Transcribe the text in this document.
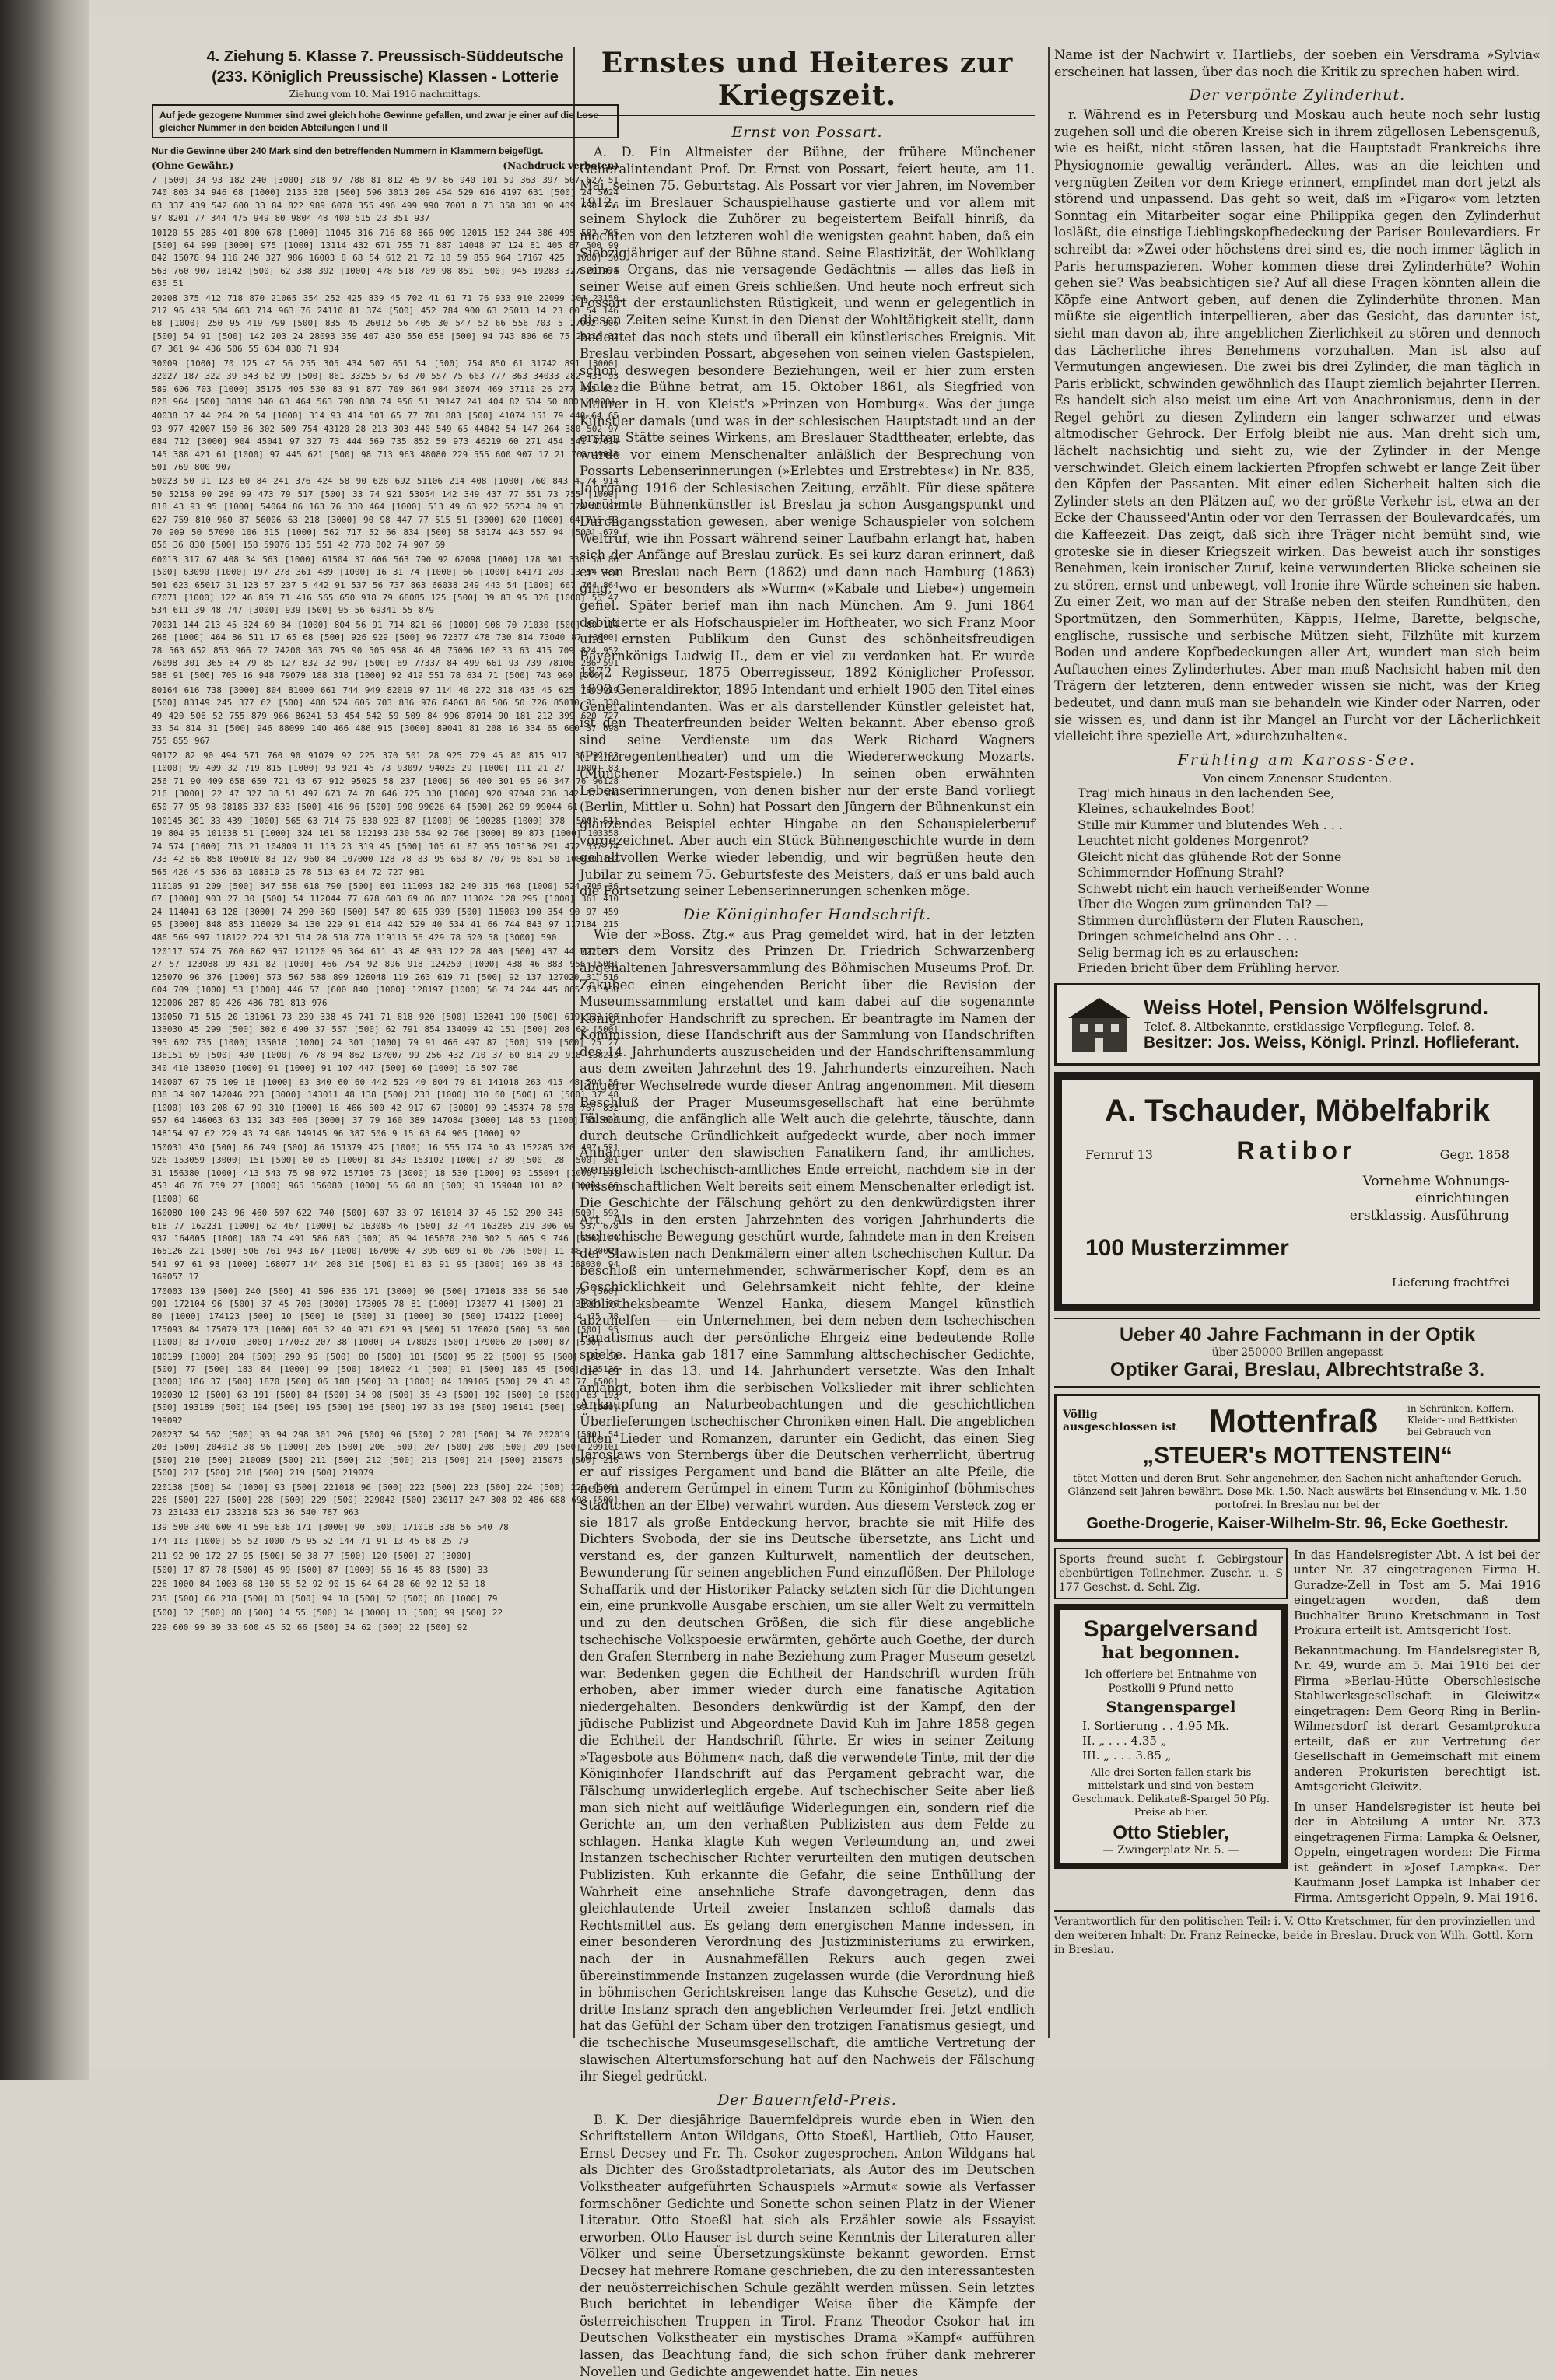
4. Ziehung 5. Klasse 7. Preussisch-Süddeutsche
(233. Königlich Preussische) Klassen - Lotterie
Ziehung vom 10. Mai 1916 nachmittags.
Auf jede gezogene Nummer sind zwei gleich hohe Gewinne gefallen, und zwar je einer auf die Lose gleicher Nummer in den beiden Abteilungen I und II
Nur die Gewinne über 240 Mark sind den betreffenden Nummern in Klammern beigefügt.
(Ohne Gewähr.)	(Nachdruck verboten)

7 [500] 34 93 182 240 [3000] 318 97 788 81 812 45 97 86 940 101 59 363 397 507 627 51 740 803 34 946 68 [1000] 2135 320 [500] 596 3013 209 454 529 616 4197 631 [500] 24 5024 63 337 439 542 600 33 84 822 989 6078 355 496 499 990 7001 8 73 358 301 90 409 690 736 97 8201 77 344 475 949 80 9804 48 400 515 23 351 937

10120 55 285 401 890 678 [1000] 11045 316 716 88 866 909 12015 152 244 386 495 582 705 [500] 64 999 [3000] 975 [1000] 13114 432 671 755 71 887 14048 97 124 81 405 87 500 99 842 15078 94 116 240 327 986 16003 8 68 54 612 21 72 18 59 855 964 17167 425 [1000] 30 563 760 907 18142 [500] 62 338 392 [1000] 478 518 709 98 851 [500] 945 19283 327 29 474 635 51

20208 375 412 718 870 21065 354 252 425 839 45 702 41 61 71 76 933 910 22099 304 23150 217 96 439 584 663 714 963 76 24110 81 374 [500] 452 784 900 63 25013 14 23 60 54 146 68 [1000] 250 95 419 799 [500] 835 45 26012 56 405 30 547 52 66 556 703 5 27082 306 [500] 54 91 [500] 142 203 24 28093 359 407 430 550 658 [500] 94 743 806 66 75 29115 32 67 361 94 436 506 55 634 838 71 934

30009 [1000] 70 125 47 56 255 305 434 507 651 54 [500] 754 850 61 31742 891 [3000] 32027 187 322 39 543 62 99 [500] 861 33255 57 63 70 557 75 663 777 863 34033 282 433 93 589 606 703 [1000] 35175 405 530 83 91 877 709 864 984 36074 469 37110 26 277 415 652 828 964 [500] 38139 340 63 464 563 798 888 74 956 51 39147 241 404 82 534 50 800 [1000]

40038 37 44 204 20 54 [1000] 314 93 414 501 65 77 781 883 [500] 41074 151 79 448 64 65 93 977 42007 150 86 302 509 754 43120 28 213 303 440 549 65 44042 54 147 264 380 502 97 684 712 [3000] 904 45041 97 327 73 444 569 735 852 59 973 46219 60 271 454 541 47014 145 388 421 61 [1000] 97 445 621 [500] 98 713 963 48080 229 555 600 907 17 21 763 49043 501 769 800 907

50023 50 91 123 60 84 241 376 424 58 90 628 692 51106 214 408 [1000] 760 843 4 74 914 50 52158 90 296 99 473 79 517 [500] 33 74 921 53054 142 349 437 77 551 73 755 [1000] 818 43 93 95 [1000] 54064 86 163 76 330 464 [1000] 513 49 63 922 55234 89 93 379 80 97 627 759 810 960 87 56006 63 218 [3000] 90 98 447 77 515 51 [3000] 620 [1000] 64 716 53 70 909 50 57090 106 515 [1000] 562 717 52 66 834 [500] 58 58174 443 557 94 [500] 679 856 36 830 [500] 158 59076 135 551 42 778 802 74 907 69

60013 317 67 408 34 563 [1000] 61504 37 606 563 790 92 62098 [1000] 178 301 336 58 80 [500] 63090 [1000] 197 278 361 489 [1000] 16 31 74 [1000] 66 [1000] 64171 203 13 54 431 501 623 65017 31 123 57 237 5 442 91 537 56 737 863 66038 249 443 54 [1000] 667 764 864 67071 [1000] 122 46 859 71 416 565 650 918 79 68085 125 [500] 39 83 95 326 [1000] 55 47 534 611 39 48 747 [3000] 939 [500] 95 56 69341 55 879

70031 144 213 45 324 69 84 [1000] 804 56 91 714 821 66 [1000] 908 70 71030 [500] 80 114 268 [1000] 464 86 511 17 65 68 [500] 926 929 [500] 96 72377 478 730 814 73040 87 [3000] 78 563 652 853 966 72 74200 363 795 90 505 958 46 48 75006 102 33 63 415 709 824 952 76098 301 365 64 79 85 127 832 32 907 [500] 69 77337 84 499 661 93 739 78106 286 591 588 91 [500] 705 16 948 79079 188 318 [1000] 92 419 551 78 634 71 [500] 743 969 [500]

80164 616 738 [3000] 804 81000 661 744 949 82019 97 114 40 272 318 435 45 625 780 919 [500] 83149 245 377 62 [500] 488 524 605 703 836 976 84061 86 506 50 726 85010 31 330 49 420 506 52 755 879 966 86241 53 454 542 59 509 84 996 87014 90 181 212 399 620 727 33 54 814 31 [500] 946 88099 140 466 486 915 [3000] 89041 81 208 16 334 65 600 37 698 755 855 967

90172 82 90 494 571 760 90 91079 92 225 370 501 28 925 729 45 80 815 917 35 92193 [1000] 99 409 32 719 815 [1000] 93 921 45 73 93097 94023 29 [1000] 111 21 27 [1000] 83 256 71 90 409 658 659 721 43 67 912 95025 58 237 [1000] 56 400 301 95 96 347 76 96128 216 [3000] 22 47 327 38 51 497 673 74 78 646 725 330 [1000] 920 97048 236 342 57 506 650 77 95 98 98185 337 833 [500] 416 96 [500] 990 99026 64 [500] 262 99 99044 61

100145 301 33 439 [1000] 565 63 714 75 830 923 87 [1000] 96 100285 [1000] 378 [500] 511 19 804 95 101038 51 [1000] 324 161 58 102193 230 584 92 766 [3000] 89 873 [1000] 103358 74 574 [1000] 713 21 104009 11 113 23 319 45 [500] 105 61 87 955 105136 291 472 537 74 733 42 86 858 106010 83 127 960 84 107000 128 78 83 95 663 87 707 98 851 50 108030 182 565 426 45 536 63 108310 25 78 513 63 64 72 727 981

110105 91 209 [500] 347 558 618 790 [500] 801 111093 182 249 315 468 [1000] 524 706 36 67 [1000] 903 27 30 [500] 54 112044 77 678 603 69 86 807 113024 128 295 [1000] 361 410 24 114041 63 128 [3000] 74 290 369 [500] 547 89 605 939 [500] 115003 190 354 90 97 459 95 [3000] 848 853 116029 34 130 229 91 614 442 529 40 534 41 66 744 843 97 117184 215 486 569 997 118122 224 321 514 28 518 770 119113 56 429 78 520 58 [3000] 590

120117 574 75 760 862 957 121120 96 364 611 43 48 933 122 28 403 [500] 437 44 722 323 27 57 123088 99 431 82 [1000] 466 754 92 896 918 124250 [1000] 438 46 883 956 [500] 125070 96 376 [1000] 573 567 588 899 126048 119 263 619 71 [500] 92 137 127020 31 516 604 709 [1000] 53 [1000] 446 57 [600 840 [1000] 128197 [1000] 56 74 244 445 865 73 950 129006 287 89 426 486 781 813 976

130050 71 515 20 131061 73 239 338 45 741 71 818 920 [500] 132041 190 [500] 619 923 88 133030 45 299 [500] 302 6 490 37 557 [500] 62 791 854 134099 42 151 [500] 208 62 [500] 395 602 735 [1000] 135018 [1000] 24 301 [1000] 79 91 466 497 87 [500] 519 [500] 25 27 136151 69 [500] 430 [1000] 76 78 94 862 137007 99 256 432 710 37 60 814 29 918 138213 340 410 138030 [1000] 91 [1000] 91 107 447 [500] 60 [1000] 16 507 786

140007 67 75 109 18 [1000] 83 340 60 60 442 529 40 804 79 81 141018 263 415 48 504 56 838 34 907 142046 223 [3000] 143011 48 138 [500] 233 [1000] 310 60 [500] 61 [500] 37 48 [1000] 103 208 67 99 310 [1000] 16 466 500 42 917 67 [3000] 90 145374 78 578 767 832 957 64 146063 63 132 343 606 [3000] 37 79 160 389 147084 [3000] 148 53 [1000] 63 600 148154 97 62 229 43 74 986 149145 96 387 506 9 15 63 64 905 [1000] 92

150031 430 [500] 86 749 [500] 86 151379 425 [1000] 16 555 174 30 43 152285 320 497 521 926 153059 [3000] 151 [500] 80 85 [1000] 81 343 153102 [1000] 37 89 [500] 28 [500] 301 31 156380 [1000] 413 543 75 98 972 157105 75 [3000] 18 530 [1000] 93 155094 [1000] 217 453 46 76 759 27 [1000] 965 156080 [1000] 56 60 88 [500] 93 159048 101 82 [3000] 66 [1000] 60

160080 100 243 96 460 597 622 740 [500] 607 33 97 161014 37 46 152 290 343 [500] 592 618 77 162231 [1000] 62 467 [1000] 62 163085 46 [500] 32 44 163205 219 306 69 537 678 937 164005 [1000] 180 74 491 586 683 [500] 85 94 165070 230 302 5 605 9 746 [500] 99 165126 221 [500] 506 761 943 167 [1000] 167090 47 395 609 61 06 706 [500] 11 88 [3000] 541 97 61 98 [1000] 168077 144 208 316 [500] 81 83 91 95 [3000] 169 38 43 168030 94 169057 17

170003 139 [500] 240 [500] 41 596 836 171 [3000] 90 [500] 171018 338 56 540 78 [500] 901 172104 96 [500] 37 45 703 [3000] 173005 78 81 [1000] 173077 41 [500] 21 [3000] 96 80 [1000] 174123 [500] 10 [500] 10 [500] 31 [1000] 30 [500] 174122 [1000] 14 75 78 175093 84 175079 173 [1000] 605 32 40 971 621 93 [500] 51 176020 [500] 53 600 [500] 95 [1000] 83 177010 [3000] 177032 207 38 [1000] 94 178020 [500] 179006 20 [500] 87 [500]

180199 [1000] 284 [500] 290 95 [500] 80 [500] 181 [500] 95 22 [500] 95 [500] 182 50 [500] 77 [500] 183 84 [1000] 99 [500] 184022 41 [500] 91 [500] 185 45 [500] 185136 [3000] 186 37 [500] 1870 [500] 06 188 [500] 33 [1000] 84 189105 [500] 29 43 40 77 [500] 190030 12 [500] 63 191 [500] 84 [500] 34 98 [500] 35 43 [500] 192 [500] 10 [500] 63 193 [500] 193189 [500] 194 [500] 195 [500] 196 [500] 197 33 198 [500] 198141 [500] 199 [500] 199092

200237 54 562 [500] 93 94 298 301 296 [500] 96 [500] 2 201 [500] 34 70 202019 [500] 54 203 [500] 204012 38 96 [1000] 205 [500] 206 [500] 207 [500] 208 [500] 209 [500] 209101 [500] 210 [500] 210089 [500] 211 [500] 212 [500] 213 [500] 214 [500] 215075 [500] 216 [500] 217 [500] 218 [500] 219 [500] 219079

220138 [500] 54 [1000] 93 [500] 221018 96 [500] 222 [500] 223 [500] 224 [500] 225 [500] 226 [500] 227 [500] 228 [500] 229 [500] 229042 [500] 230117 247 308 92 486 688 698 [500] 73 231433 617 233218 523 36 540 787 963

139 500 340 600 41 596 836 171 [3000] 90 [500] 171018 338 56 540 78

174 113 [1000] 55 52 1000 75 95 52 144 71 91 13 45 68 25 79

211 92 90 172 27 95 [500] 50 38 77 [500] 120 [500] 27 [3000]

[500] 17 87 78 [500] 45 99 [500] 87 [1000] 56 16 45 88 [500] 33

226 1000 84 1003 68 130 55 52 92 90 15 64 64 28 60 92 12 53 18

235 [500] 66 218 [500] 03 [500] 94 18 [500] 52 [500] 88 [1000] 79

[500] 32 [500] 88 [500] 14 55 [500] 34 [3000] 13 [500] 99 [500] 22

229 600 99 39 33 600 45 52 66 [500] 34 62 [500] 22 [500] 92

Ernstes und Heiteres zur Kriegszeit.
Ernst von Possart.

A. D. Ein Altmeister der Bühne, der frühere Münchener Generalintendant Prof. Dr. Ernst von Possart, feiert heute, am 11. Mai, seinen 75. Geburtstag. Als Possart vor vier Jahren, im November 1912, im Breslauer Schauspielhause gastierte und vor allem mit seinem Shylock die Zuhörer zu begeistertem Beifall hinriß, da mochten von den letzteren wohl die wenigsten geahnt haben, daß ein Siebzigjähriger auf der Bühne stand. Seine Elastizität, der Wohlklang seines Organs, das nie versagende Gedächtnis — alles das ließ in seiner Weise auf einen Greis schließen. Und heute noch erfreut sich Possart der erstaunlichsten Rüstigkeit, und wenn er gelegentlich in diesen Zeiten seine Kunst in den Dienst der Wohltätigkeit stellt, dann bedeutet das noch stets und überall ein künstlerisches Ereignis. Mit Breslau verbinden Possart, abgesehen von seinen vielen Gastspielen, schon deswegen besondere Beziehungen, weil er hier zum ersten Male die Bühne betrat, am 15. Oktober 1861, als Siegfried von Maurer in H. von Kleist's »Prinzen von Homburg«. Was der junge Künstler damals (und was in der schlesischen Hauptstadt und an der ersten Stätte seines Wirkens, am Breslauer Stadttheater, erlebte, das wurde vor einem Menschenalter anläßlich der Besprechung von Possarts Lebenserinnerungen (»Erlebtes und Erstrebtes«) in Nr. 835, Jahrgang 1916 der Schlesischen Zeitung, erzählt. Für diese spätere berühmte Bühnenkünstler ist Breslau ja schon Ausgangspunkt und Durchgangsstation gewesen, aber wenige Schauspieler von solchem Weltruf, wie ihn Possart während seiner Laufbahn erlangt hat, haben sich der Anfänge auf Breslau zurück. Es sei kurz daran erinnert, daß er von Breslau nach Bern (1862) und dann nach Hamburg (1863) ging, wo er besonders als »Wurm« (»Kabale und Liebe«) ungemein gefiel. Später berief man ihn nach München. Am 9. Juni 1864 debütierte er als Hofschauspieler im Hoftheater, wo sich Franz Moor und ernsten Publikum den Gunst des schönheitsfreudigen Bayernkönigs Ludwig II., dem er viel zu verdanken hat. Er wurde 1872 Regisseur, 1875 Oberregisseur, 1892 Königlicher Professor, 1893 Generaldirektor, 1895 Intendant und erhielt 1905 den Titel eines Generalintendanten. Was er als darstellender Künstler geleistet hat, ist den Theaterfreunden beider Welten bekannt. Aber ebenso groß sind seine Verdienste um das Werk Richard Wagners (Prinzregententheater) und um die Wiedererweckung Mozarts. (Münchener Mozart-Festspiele.) In seinen oben erwähnten Lebenserinnerungen, von denen bisher nur der erste Band vorliegt (Berlin, Mittler u. Sohn) hat Possart den Jüngern der Bühnenkunst ein glänzendes Beispiel echter Hingabe an den Schauspielerberuf vorgezeichnet. Aber auch ein Stück Bühnengeschichte wurde in dem gehaltvollen Werke wieder lebendig, und wir begrüßen heute den Jubilar zu seinem 75. Geburtsfeste des Meisters, daß er uns bald auch die Fortsetzung seiner Lebenserinnerungen schenken möge.

Die Königinhofer Handschrift.

Wie der »Boss. Ztg.« aus Prag gemeldet wird, hat in der letzten unter dem Vorsitz des Prinzen Dr. Friedrich Schwarzenberg abgehaltenen Jahresversammlung des Böhmischen Museums Prof. Dr. Zakubec einen eingehenden Bericht über die Revision der Museumssammlung erstattet und kam dabei auf die sogenannte Königinhofer Handschrift zu sprechen. Er beantragte im Namen der Kommission, diese Handschrift aus der Sammlung von Handschriften des 14. Jahrhunderts auszuscheiden und der Handschriftensammlung aus dem zweiten Jahrzehnt des 19. Jahrhunderts einzureihen. Nach längerer Wechselrede wurde dieser Antrag angenommen. Mit diesem Beschluß der Prager Museumsgesellschaft hat eine berühmte Fälschung, die anfänglich alle Welt auch die gelehrte, täuschte, dann durch deutsche Gründlichkeit aufgedeckt wurde, aber noch immer Anhänger unter den slawischen Fanatikern fand, ihr amtliches, wenngleich tschechisch-amtliches Ende erreicht, nachdem sie in der wissenschaftlichen Welt bereits seit einem Menschenalter erledigt ist. Die Geschichte der Fälschung gehört zu den denkwürdigsten ihrer Art. Als in den ersten Jahrzehnten des vorigen Jahrhunderts die tschechische Bewegung geschürt wurde, fahndete man in den Kreisen der Slawisten nach Denkmälern einer alten tschechischen Kultur. Da beschloß ein unternehmender, schwärmerischer Kopf, dem es an Geschicklichkeit und Gelehrsamkeit nicht fehlte, der kleine Bibliotheksbeamte Wenzel Hanka, diesem Mangel künstlich abzuhelfen — ein Unternehmen, bei dem neben dem tschechischen Fanatismus auch der persönliche Ehrgeiz eine bedeutende Rolle spielte. Hanka gab 1817 eine Sammlung alttschechischer Gedichte, die er in das 13. und 14. Jahrhundert versetzte. Was den Inhalt anlangt, boten ihm die serbischen Volkslieder mit ihrer schlichten Anknüpfung an Naturbeobachtungen und die geschichtlichen Überlieferungen tschechischer Chroniken einen Halt. Die angeblichen alten Lieder und Romanzen, darunter ein Gedicht, das einen Sieg Jaroslaws von Sternbergs über die Deutschen verherrlicht, übertrug er auf rissiges Pergament und band die Blätter an alte Pfeile, die neben anderem Gerümpel in einem Turm zu Königinhof (böhmisches Städtchen an der Elbe) verwahrt wurden. Aus diesem Versteck zog er sie 1817 als große Entdeckung hervor, brachte sie mit Hilfe des Dichters Svoboda, der sie ins Deutsche übersetzte, ans Licht und verstand es, der ganzen Kulturwelt, namentlich der deutschen, Bewunderung für seinen angeblichen Fund einzuflößen. Der Philologe Schaffarik und der Historiker Palacky setzten sich für die Dichtungen ein, eine prunkvolle Ausgabe erschien, um sie aller Welt zu vermitteln und zu den deutschen Größen, die sich für diese angebliche tschechische Volkspoesie erwärmten, gehörte auch Goethe, der durch den Grafen Sternberg in nahe Beziehung zum Prager Museum gesetzt war. Bedenken gegen die Echtheit der Handschrift wurden früh erhoben, aber immer wieder durch eine fanatische Agitation niedergehalten. Besonders denkwürdig ist der Kampf, den der jüdische Publizist und Abgeordnete David Kuh im Jahre 1858 gegen die Echtheit der Handschrift führte. Er wies in seiner Zeitung »Tagesbote aus Böhmen« nach, daß die verwendete Tinte, mit der die Königinhofer Handschrift auf das Pergament gebracht war, die Fälschung unwiderleglich ergebe. Auf tschechischer Seite aber ließ man sich nicht auf weitläufige Widerlegungen ein, sondern rief die Gerichte an, um den verhaßten Publizisten aus dem Felde zu schlagen. Hanka klagte Kuh wegen Verleumdung an, und zwei Instanzen tschechischer Richter verurteilten den mutigen deutschen Publizisten. Kuh erkannte die Gefahr, die seine Enthüllung der Wahrheit eine ansehnliche Strafe davongetragen, denn das gleichlautende Urteil zweier Instanzen schloß damals das Rechtsmittel aus. Es gelang dem energischen Manne indessen, in einer besonderen Verordnung des Justizministeriums zu erwirken, nach der in Ausnahmefällen Rekurs auch gegen zwei übereinstimmende Instanzen zugelassen wurde (die Verordnung hieß in böhmischen Gerichtskreisen lange das Kuhsche Gesetz), und die dritte Instanz sprach den angeblichen Verleumder frei. Jetzt endlich hat das Gefühl der Scham über den trotzigen Fanatismus gesiegt, und die tschechische Museumsgesellschaft, die amtliche Vertretung der slawischen Altertumsforschung hat auf den Nachweis der Fälschung ihr Siegel gedrückt.

Der Bauernfeld-Preis.

B. K. Der diesjährige Bauernfeldpreis wurde eben in Wien den Schriftstellern Anton Wildgans, Otto Stoeßl, Hartlieb, Otto Hauser, Ernst Decsey und Fr. Th. Csokor zugesprochen. Anton Wildgans hat als Dichter des Großstadtproletariats, als Autor des im Deutschen Volkstheater aufgeführten Schauspiels »Armut« sowie als Verfasser formschöner Gedichte und Sonette schon seinen Platz in der Wiener Literatur. Otto Stoeßl hat sich als Erzähler sowie als Essayist erworben. Otto Hauser ist durch seine Kenntnis der Literaturen aller Völker und seine Übersetzungskünste bekannt geworden. Ernst Decsey hat mehrere Romane geschrieben, die zu den interessantesten der neuösterreichischen Schule gezählt werden müssen. Sein letztes Buch berichtet in lebendiger Weise über die Kämpfe der österreichischen Truppen in Tirol. Franz Theodor Csokor hat im Deutschen Volkstheater ein mystisches Drama »Kampf« aufführen lassen, das Beachtung fand, die sich schon früher dank mehrerer Novellen und Gedichte angewendet hatte. Ein neues

Name ist der Nachwirt v. Hartliebs, der soeben ein Versdrama »Sylvia« erscheinen hat lassen, über das noch die Kritik zu sprechen haben wird.

Der verpönte Zylinderhut.

r. Während es in Petersburg und Moskau auch heute noch sehr lustig zugehen soll und die oberen Kreise sich in ihrem zügellosen Lebensgenuß, wie es heißt, nicht stören lassen, hat die Hauptstadt Frankreichs ihre Physiognomie gewaltig verändert. Alles, was an die leichten und vergnügten Zeiten vor dem Kriege erinnert, empfindet man dort jetzt als störend und unpassend. Das geht so weit, daß im »Figaro« vom letzten Sonntag ein Mitarbeiter sogar eine Philippika gegen den Zylinderhut losläßt, die einstige Lieblingskopfbedeckung der Pariser Boulevardiers. Er schreibt da: »Zwei oder höchstens drei sind es, die noch immer täglich in Paris herumspazieren. Woher kommen diese drei Zylinderhüte? Wohin gehen sie? Was beabsichtigen sie? Auf all diese Fragen könnten allein die Köpfe eine Antwort geben, auf denen die Zylinderhüte thronen. Man müßte sie eigentlich interpellieren, aber das Gesicht, das darunter ist, sieht man davon ab, ihre angeblichen Zierlichkeit zu stören und dennoch das Lächerliche ihres Benehmens vorzuhalten. Man ist also auf Vermutungen angewiesen. Die zwei bis drei Zylinder, die man täglich in Paris erblickt, schwinden gewöhnlich das Haupt ziemlich bejahrter Herren. Es handelt sich also meist um eine Art von Anachronismus, denn in der Regel gehört zu diesen Zylindern ein langer schwarzer und etwas altmodischer Gehrock. Der Erfolg bleibt nie aus. Man dreht sich um, lächelt nachsichtig und sieht zu, wie der Zylinder in der Menge verschwindet. Gleich einem lackierten Pfropfen schwebt er lange Zeit über den Köpfen der Passanten. Mit einer edlen Sicherheit halten sich die Zylinder stets an den Plätzen auf, wo der größte Verkehr ist, etwa an der Ecke der Chausseed'Antin oder vor den Terrassen der Boulevardcafés, um die Kaffeezeit. Das zeigt, daß sich ihre Träger nicht bemüht sind, wie groteske sie in dieser Kriegszeit wirken. Das beweist auch ihr sonstiges Benehmen, kein ironischer Zuruf, keine verwunderten Blicke scheinen sie zu stören, ernst und unbewegt, voll Ironie ihre Würde scheinen sie haben. Zu einer Zeit, wo man auf der Straße neben den steifen Rundhüten, den Sportmützen, den Sommerhüten, Käppis, Helme, Barette, belgische, englische, russische und serbische Mützen sieht, Filzhüte mit kurzem Boden und andere Kopfbedeckungen aller Art, wundert man sich beim Auftauchen eines Zylinderhutes. Aber man muß Nachsicht haben mit den Trägern der letzteren, denn entweder wissen sie nicht, was der Krieg bedeutet, und dann muß man sie behandeln wie Kinder oder Narren, oder sie wissen es, und dann ist ihr Mangel an Furcht vor der Lächerlichkeit vielleicht ihre spezielle Art, »durchzuhalten«.

Frühling am Kaross-See.
Von einem Zenenser Studenten.
Trag' mich hinaus in den lachenden See,
Kleines, schaukelndes Boot!
Stille mir Kummer und blutendes Weh . . .
Leuchtet nicht goldenes Morgenrot?
Gleicht nicht das glühende Rot der Sonne
Schimmernder Hoffnung Strahl?
Schwebt nicht ein hauch verheißender Wonne
Über die Wogen zum grünenden Tal? —
Stimmen durchflüstern der Fluten Rauschen,
Dringen schmeichelnd ans Ohr . . .
Selig bermag ich es zu erlauschen:
Frieden bricht über dem Frühling hervor.
Weiss Hotel, Pension Wölfelsgrund.
Telef. 8. Altbekannte, erstklassige Verpflegung. Telef. 8.
Besitzer: Jos. Weiss, Königl. Prinzl. Hoflieferant.
A. Tschauder, Möbelfabrik
Fernruf 13	Ratibor	Gegr. 1858
Vornehme Wohnungs-
einrichtungen
erstklassig. Ausführung
100 Musterzimmer
Lieferung frachtfrei
Ueber 40 Jahre Fachmann in der Optik
über 250000 Brillen angepasst
Optiker Garai, Breslau, Albrechtstraße 3.
Völlig ausgeschlossen ist Mottenfraß	in Schränken, Koffern, Kleider- und Bettkisten bei Gebrauch von
„STEUER's MOTTENSTEIN“
tötet Motten und deren Brut. Sehr angenehmer, den Sachen nicht anhaftender Geruch. Glänzend seit Jahren bewährt. Dose Mk. 1.50. Nach auswärts bei Einsendung v. Mk. 1.50 portofrei. In Breslau nur bei der
Goethe-Drogerie, Kaiser-Wilhelm-Str. 96, Ecke Goethestr.
Sports freund sucht f. Gebirgstour ebenbürtigen Teilnehmer. Zuschr. u. S 177 Geschst. d. Schl. Zig.
Spargelversand
hat begonnen.
Ich offeriere bei Entnahme von Postkolli 9 Pfund netto
Stangenspargel
I. Sortierung . . 4.95 Mk.
II. „ . . . 4.35 „
III. „ . . . 3.85 „
Alle drei Sorten fallen stark bis mittelstark und sind von bestem Geschmack. Delikateß-Spargel 50 Pfg. Preise ab hier.
Otto Stiebler,
— Zwingerplatz Nr. 5. —

In das Handelsregister Abt. A ist bei der unter Nr. 37 eingetragenen Firma H. Guradze-Zell in Tost am 5. Mai 1916 eingetragen worden, daß dem Buchhalter Bruno Kretschmann in Tost Prokura erteilt ist. Amtsgericht Tost.

Bekanntmachung. Im Handelsregister B, Nr. 49, wurde am 5. Mai 1916 bei der Firma »Berlau-Hütte Oberschlesische Stahlwerksgesellschaft in Gleiwitz« eingetragen: Dem Georg Ring in Berlin-Wilmersdorf ist derart Gesamtprokura erteilt, daß er zur Vertretung der Gesellschaft in Gemeinschaft mit einem anderen Prokuristen berechtigt ist. Amtsgericht Gleiwitz.

In unser Handelsregister ist heute bei der in Abteilung A unter Nr. 373 eingetragenen Firma: Lampka & Oelsner, Oppeln, eingetragen worden: Die Firma ist geändert in »Josef Lampka«. Der Kaufmann Josef Lampka ist Inhaber der Firma. Amtsgericht Oppeln, 9. Mai 1916.

Verantwortlich für den politischen Teil: i. V. Otto Kretschmer, für den provinziellen und den weiteren Inhalt: Dr. Franz Reinecke, beide in Breslau. Druck von Wilh. Gottl. Korn in Breslau.
